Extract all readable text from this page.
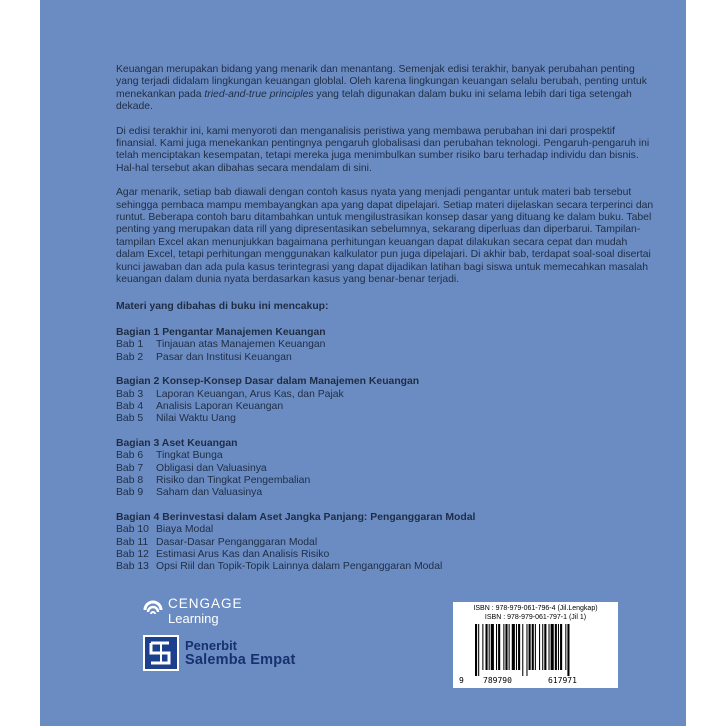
Keuangan merupakan bidang yang menarik dan menantang. Semenjak edisi terakhir, banyak perubahan penting yang terjadi didalam lingkungan keuangan globlal. Oleh karena lingkungan keuangan selalu berubah, penting untuk menekankan pada tried-and-true principles yang telah digunakan dalam buku ini selama lebih dari tiga setengah dekade.

Di edisi terakhir ini, kami menyoroti dan menganalisis peristiwa yang membawa perubahan ini dari prospektif finansial. Kami juga menekankan pentingnya pengaruh globalisasi dan perubahan teknologi. Pengaruh-pengaruh ini telah menciptakan kesempatan, tetapi mereka juga menimbulkan sumber risiko baru terhadap individu dan bisnis. Hal-hal tersebut akan dibahas secara mendalam di sini.

Agar menarik, setiap bab diawali dengan contoh kasus nyata yang menjadi pengantar untuk materi bab tersebut sehingga pembaca mampu membayangkan apa yang dapat dipelajari. Setiap materi dijelaskan secara terperinci dan runtut. Beberapa contoh baru ditambahkan untuk mengilustrasikan konsep dasar yang dituang ke dalam buku. Tabel penting yang merupakan data rill yang dipresentasikan sebelumnya, sekarang diperluas dan diperbarui. Tampilan-tampilan Excel akan menunjukkan bagaimana perhitungan keuangan dapat dilakukan secara cepat dan mudah dalam Excel, tetapi perhitungan menggunakan kalkulator pun juga dipelajari. Di akhir bab, terdapat soal-soal disertai kunci jawaban dan ada pula kasus terintegrasi yang dapat dijadikan latihan bagi siswa untuk memecahkan masalah keuangan dalam dunia nyata berdasarkan kasus yang benar-benar terjadi.

Materi yang dibahas di buku ini mencakup:
Bagian 1 Pengantar Manajemen Keuangan
Bab 1	Tinjauan atas Manajemen Keuangan
Bab 2	Pasar dan Institusi Keuangan
Bagian 2 Konsep-Konsep Dasar dalam Manajemen Keuangan
Bab 3	Laporan Keuangan, Arus Kas, dan Pajak
Bab 4	Analisis Laporan Keuangan
Bab 5	Nilai Waktu Uang
Bagian 3 Aset Keuangan
Bab 6	Tingkat Bunga
Bab 7	Obligasi dan Valuasinya
Bab 8	Risiko dan Tingkat Pengembalian
Bab 9	Saham dan Valuasinya
Bagian 4 Berinvestasi dalam Aset Jangka Panjang: Penganggaran Modal
Bab 10 Biaya Modal
Bab 11 Dasar-Dasar Penganggaran Modal
Bab 12 Estimasi Arus Kas dan Analisis Risiko
Bab 13 Opsi Riil dan Topik-Topik Lainnya dalam Penganggaran Modal
CENGAGE
Learning
Penerbit
Salemba Empat
ISBN : 978-979-061-796-4 (Jil.Lengkap)
ISBN : 978-979-061-797-1 (Jil 1)
9 789790	617971
